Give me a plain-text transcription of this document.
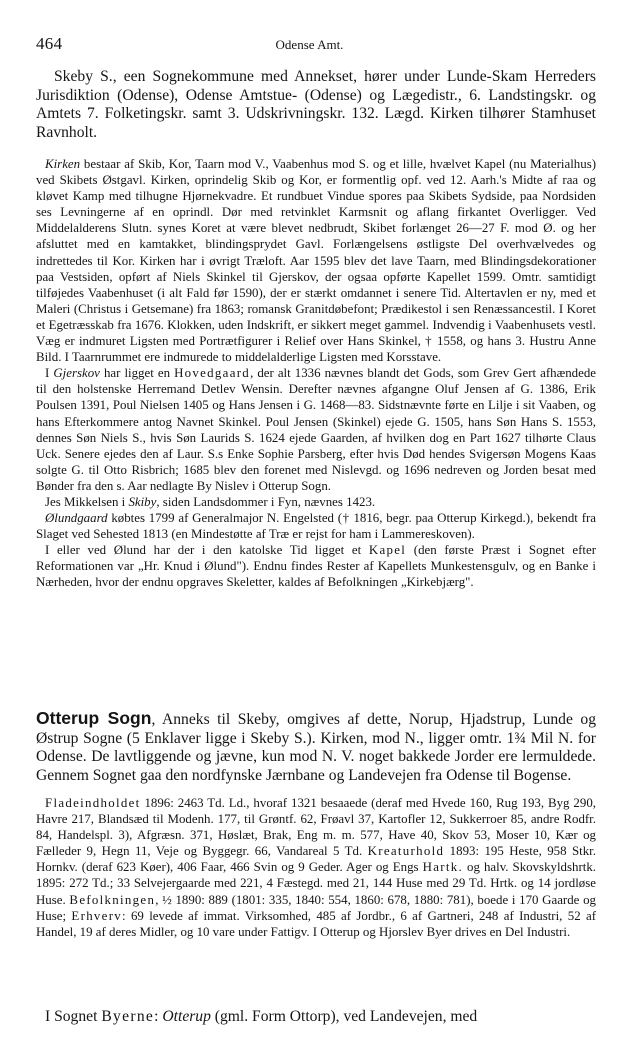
464	Odense Amt.

Skeby S., een Sognekommune med Annekset, hører under Lunde-Skam Herreders Jurisdiktion (Odense), Odense Amtstue- (Odense) og Lægedistr., 6. Landstingskr. og Amtets 7. Folketingskr. samt 3. Udskrivningskr. 132. Lægd. Kirken tilhører Stamhuset Ravnholt.

Kirken bestaar af Skib, Kor, Taarn mod V., Vaabenhus mod S. og et lille, hvælvet Kapel (nu Materialhus) ved Skibets Østgavl. Kirken, oprindelig Skib og Kor, er formentlig opf. ved 12. Aarh.'s Midte af raa og kløvet Kamp med tilhugne Hjørnekvadre. Et rundbuet Vindue spores paa Skibets Sydside, paa Nordsiden ses Levningerne af en oprindl. Dør med retvinklet Karmsnit og aflang firkantet Overligger. Ved Middelalderens Slutn. synes Koret at være blevet nedbrudt, Skibet forlænget 26—27 F. mod Ø. og her afsluttet med en kamtakket, blindingsprydet Gavl. Forlængelsens østligste Del overhvælvedes og indrettedes til Kor. Kirken har i øvrigt Træloft. Aar 1595 blev det lave Taarn, med Blindingsdekorationer paa Vestsiden, opført af Niels Skinkel til Gjerskov, der ogsaa opførte Kapellet 1599. Omtr. samtidigt tilføjedes Vaabenhuset (i alt Fald før 1590), der er stærkt omdannet i senere Tid. Altertavlen er ny, med et Maleri (Christus i Getsemane) fra 1863; romansk Granitdøbefont; Prædikestol i sen Renæssancestil. I Koret et Egetræsskab fra 1676. Klokken, uden Indskrift, er sikkert meget gammel. Indvendig i Vaabenhusets vestl. Væg er indmuret Ligsten med Portrætfigurer i Relief over Hans Skinkel, † 1558, og hans 3. Hustru Anne Bild. I Taarnrummet ere indmurede to middelalderlige Ligsten med Korsstave.

I Gjerskov har ligget en Hovedgaard, der alt 1336 nævnes blandt det Gods, som Grev Gert afhændede til den holstenske Herremand Detlev Wensin. Derefter nævnes afgangne Oluf Jensen af G. 1386, Erik Poulsen 1391, Poul Nielsen 1405 og Hans Jensen i G. 1468—83. Sidstnævnte førte en Lilje i sit Vaaben, og hans Efterkommere antog Navnet Skinkel. Poul Jensen (Skinkel) ejede G. 1505, hans Søn Hans S. 1553, dennes Søn Niels S., hvis Søn Laurids S. 1624 ejede Gaarden, af hvilken dog en Part 1627 tilhørte Claus Uck. Senere ejedes den af Laur. S.s Enke Sophie Parsberg, efter hvis Død hendes Svigersøn Mogens Kaas solgte G. til Otto Risbrich; 1685 blev den forenet med Nislevgd. og 1696 nedreven og Jorden besat med Bønder fra den s. Aar nedlagte By Nislev i Otterup Sogn.

Jes Mikkelsen i Skiby, siden Landsdommer i Fyn, nævnes 1423.

Ølundgaard købtes 1799 af Generalmajor N. Engelsted († 1816, begr. paa Otterup Kirkegd.), bekendt fra Slaget ved Sehested 1813 (en Mindestøtte af Træ er rejst for ham i Lammereskoven).

I eller ved Ølund har der i den katolske Tid ligget et Kapel (den første Præst i Sognet efter Reformationen var „Hr. Knud i Ølund"). Endnu findes Rester af Kapellets Munkestensgulv, og en Banke i Nærheden, hvor der endnu opgraves Skeletter, kaldes af Befolkningen „Kirkebjærg".

Otterup Sogn, Anneks til Skeby, omgives af dette, Norup, Hjadstrup, Lunde og Østrup Sogne (5 Enklaver ligge i Skeby S.). Kirken, mod N., ligger omtr. 1¾ Mil N. for Odense. De lavtliggende og jævne, kun mod N. V. noget bakkede Jorder ere lermuldede. Gennem Sognet gaa den nordfynske Jærnbane og Landevejen fra Odense til Bogense.

Fladeindholdet 1896: 2463 Td. Ld., hvoraf 1321 besaaede (deraf med Hvede 160, Rug 193, Byg 290, Havre 217, Blandsæd til Modenh. 177, til Grøntf. 62, Frøavl 37, Kartofler 12, Sukkerroer 85, andre Rodfr. 84, Handelspl. 3), Afgræsn. 371, Høslæt, Brak, Eng m. m. 577, Have 40, Skov 53, Moser 10, Kær og Fælleder 9, Hegn 11, Veje og Byggegr. 66, Vandareal 5 Td. Kreaturhold 1893: 195 Heste, 958 Stkr. Hornkv. (deraf 623 Køer), 406 Faar, 466 Svin og 9 Geder. Ager og Engs Hartk. og halv. Skovskyldshrtk. 1895: 272 Td.; 33 Selvejergaarde med 221, 4 Fæstegd. med 21, 144 Huse med 29 Td. Hrtk. og 14 jordløse Huse. Befolkningen, ½ 1890: 889 (1801: 335, 1840: 554, 1860: 678, 1880: 781), boede i 170 Gaarde og Huse; Erhverv: 69 levede af immat. Virksomhed, 485 af Jordbr., 6 af Gartneri, 248 af Industri, 52 af Handel, 19 af deres Midler, og 10 vare under Fattigv. I Otterup og Hjorslev Byer drives en Del Industri.

I Sognet Byerne: Otterup (gml. Form Ottorp), ved Landevejen, med
